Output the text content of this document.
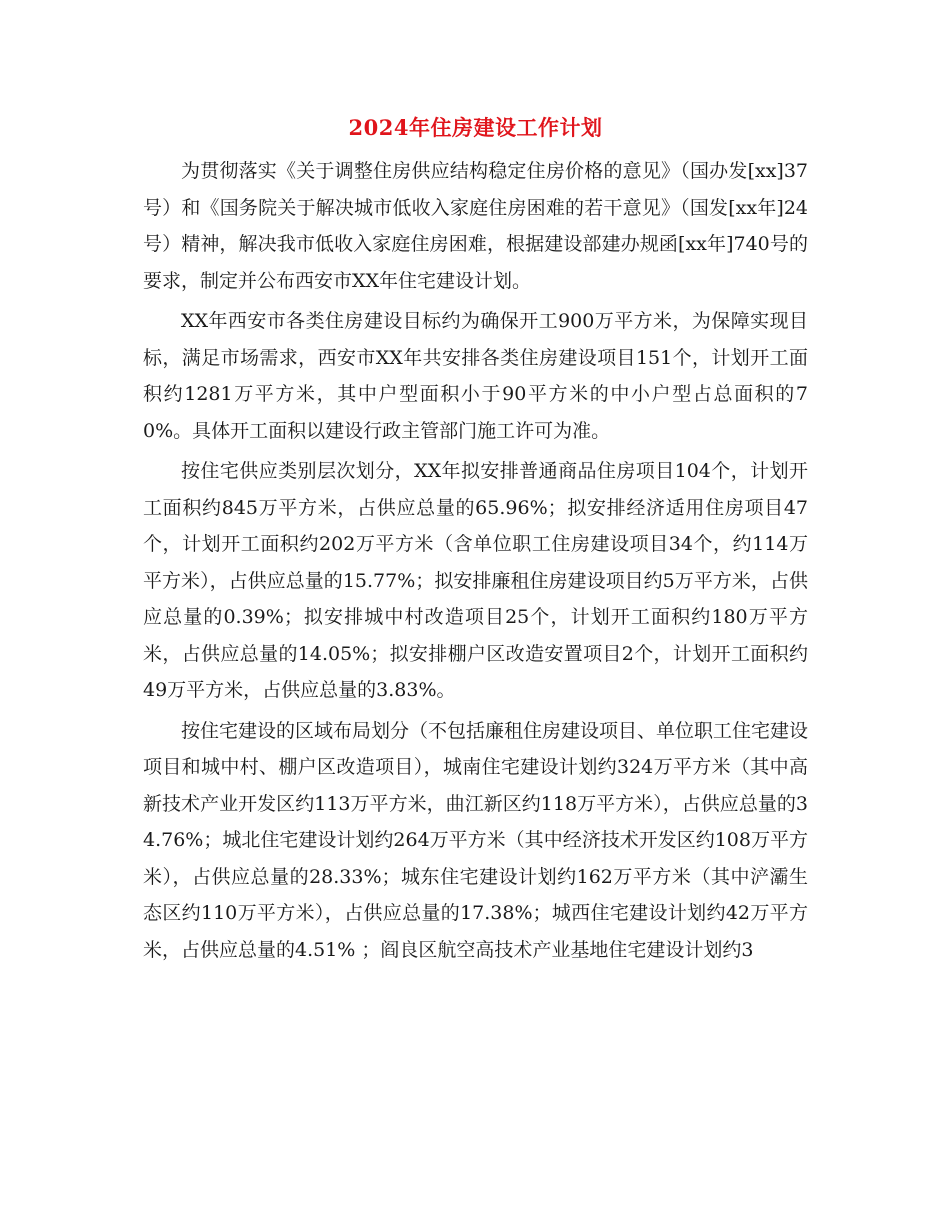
2024年住房建设工作计划

为贯彻落实《关于调整住房供应结构稳定住房价格的意见》（国办发[xx]37号）和《国务院关于解决城市低收入家庭住房困难的若干意见》（国发[xx年]24号）精神，解决我市低收入家庭住房困难，根据建设部建办规函[xx年]740号的要求，制定并公布西安市XX年住宅建设计划。

XX年西安市各类住房建设目标约为确保开工900万平方米，为保障实现目标，满足市场需求，西安市XX年共安排各类住房建设项目151个，计划开工面积约1281万平方米，其中户型面积小于90平方米的中小户型占总面积的70%。具体开工面积以建设行政主管部门施工许可为准。

按住宅供应类别层次划分，XX年拟安排普通商品住房项目104个，计划开工面积约845万平方米，占供应总量的65.96%；拟安排经济适用住房项目47个，计划开工面积约202万平方米（含单位职工住房建设项目34个，约114万平方米），占供应总量的15.77%；拟安排廉租住房建设项目约5万平方米，占供应总量的0.39%；拟安排城中村改造项目25个，计划开工面积约180万平方米，占供应总量的14.05%；拟安排棚户区改造安置项目2个，计划开工面积约49万平方米，占供应总量的3.83%。

按住宅建设的区域布局划分（不包括廉租住房建设项目、单位职工住宅建设项目和城中村、棚户区改造项目），城南住宅建设计划约324万平方米（其中高新技术产业开发区约113万平方米，曲江新区约118万平方米），占供应总量的34.76%；城北住宅建设计划约264万平方米（其中经济技术开发区约108万平方米），占供应总量的28.33%；城东住宅建设计划约162万平方米（其中浐灞生态区约110万平方米），占供应总量的17.38%；城西住宅建设计划约42万平方米，占供应总量的4.51% ；阎良区航空高技术产业基地住宅建设计划约3
